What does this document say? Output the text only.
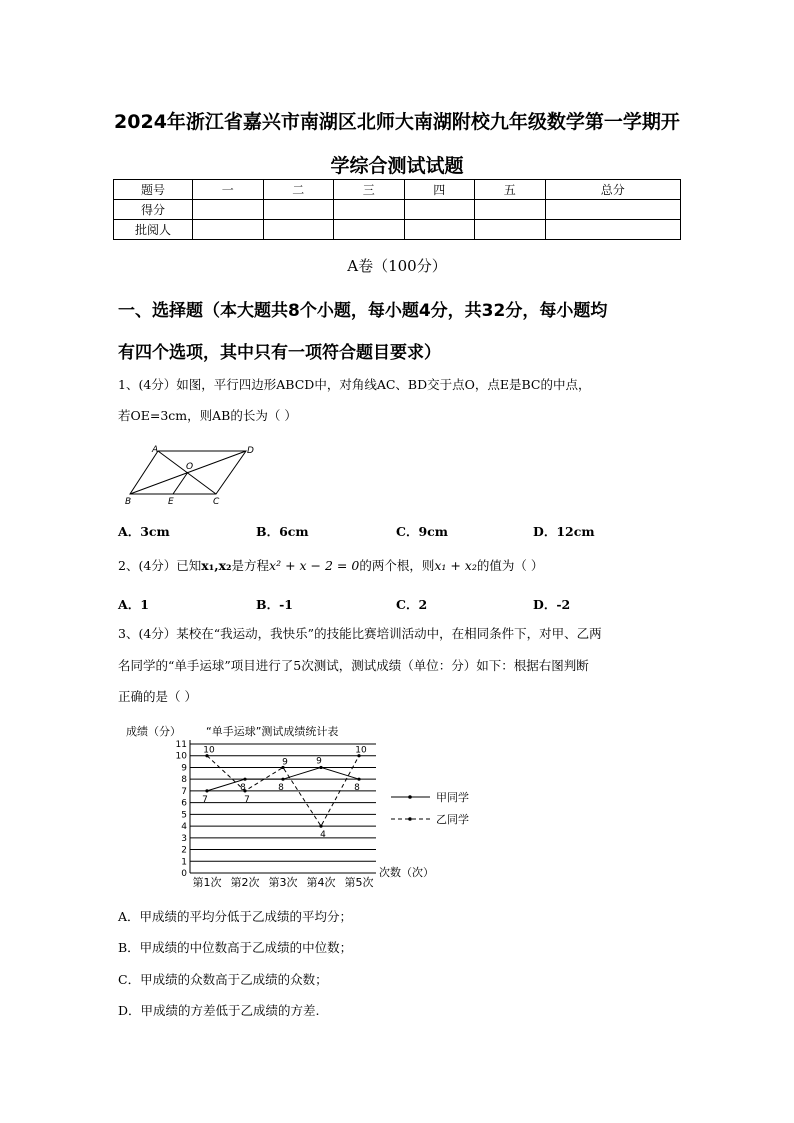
2024年浙江省嘉兴市南湖区北师大南湖附校九年级数学第一学期开
学综合测试试题
题号	一	二	三	四	五	总分
得分						
批阅人						
A卷（100分）
一、选择题（本大题共8个小题，每小题4分，共32分，每小题均
有四个选项，其中只有一项符合题目要求）
1、(4分）如图，平行四边形ABCD中，对角线AC、BD交于点O，点E是BC的中点，
若OE=3cm，则AB的长为（ ）
A	D
B	E	C
O
A．3cm	B．6cm	C．9cm	D．12cm
2、(4分）已知x₁,x₂是方程x² + x − 2 = 0的两个根，则x₁ + x₂的值为（ ）
A．1	B．-1	C．2	D．-2
3、(4分）某校在“我运动，我快乐”的技能比赛培训活动中，在相同条件下，对甲、乙两
名同学的“单手运球”项目进行了5次测试，测试成绩（单位：分）如下：根据右图判断
正确的是（ ）
成绩（分） “单手运球”测试成绩统计表
次数（次）
0
1
2
3
4
5
6
7
8
9
10
11
第1次 第2次 第3次 第4次 第5次
7
8	8
9
8
10
7
9
4
10
甲同学
乙同学
A．甲成绩的平均分低于乙成绩的平均分；
B．甲成绩的中位数高于乙成绩的中位数；
C．甲成绩的众数高于乙成绩的众数；
D．甲成绩的方差低于乙成绩的方差.
